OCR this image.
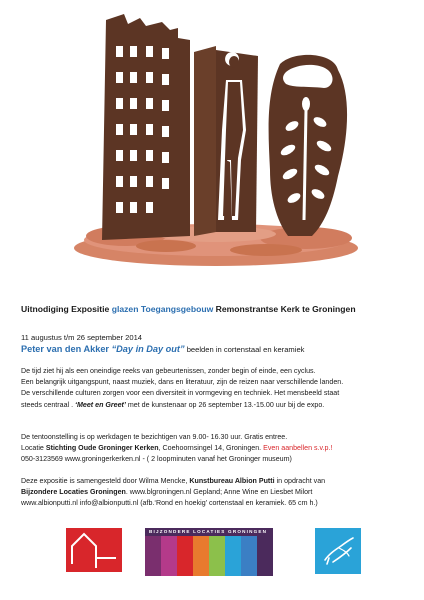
Uitnodiging Expositie glazen Toegangsgebouw Remonstrantse Kerk te Groningen
11 augustus t/m 26 september 2014
Peter van den Akker “Day in Day out” beelden in cortenstaal en keramiek
De tijd ziet hij als een oneindige reeks van gebeurtenissen, zonder begin of einde, een cyclus.
Een belangrijk uitgangspunt, naast muziek, dans en literatuur, zijn de reizen naar verschillende landen.
De verschillende culturen zorgen voor een diversiteit in vormgeving en techniek. Het mensbeeld staat
steeds centraal . ‘Meet en Greet’ met de kunstenaar op 26 september 13.-15.00 uur bij de expo.
De tentoonstelling is op werkdagen te bezichtigen van 9.00- 16.30 uur. Gratis entree.
Locatie Stichting Oude Groninger Kerken, Coehoornsingel 14, Groningen. Even aanbellen s.v.p.!
050-3123569 www.groningerkerken.nl - ( 2 loopminuten vanaf het Groninger museum)
Deze expositie is samengesteld door Wilma Mencke, Kunstbureau Albion Putti in opdracht van
Bijzondere Locaties Groningen. www.blgroningen.nl Gepland; Anne Wine en Liesbet Milort
www.albionputti.nl info@albionputti.nl (afb.‘Rond en hoekig’ cortenstaal en keramiek. 65 cm h.)
BIJZONDERE LOCATIES GRONINGEN
